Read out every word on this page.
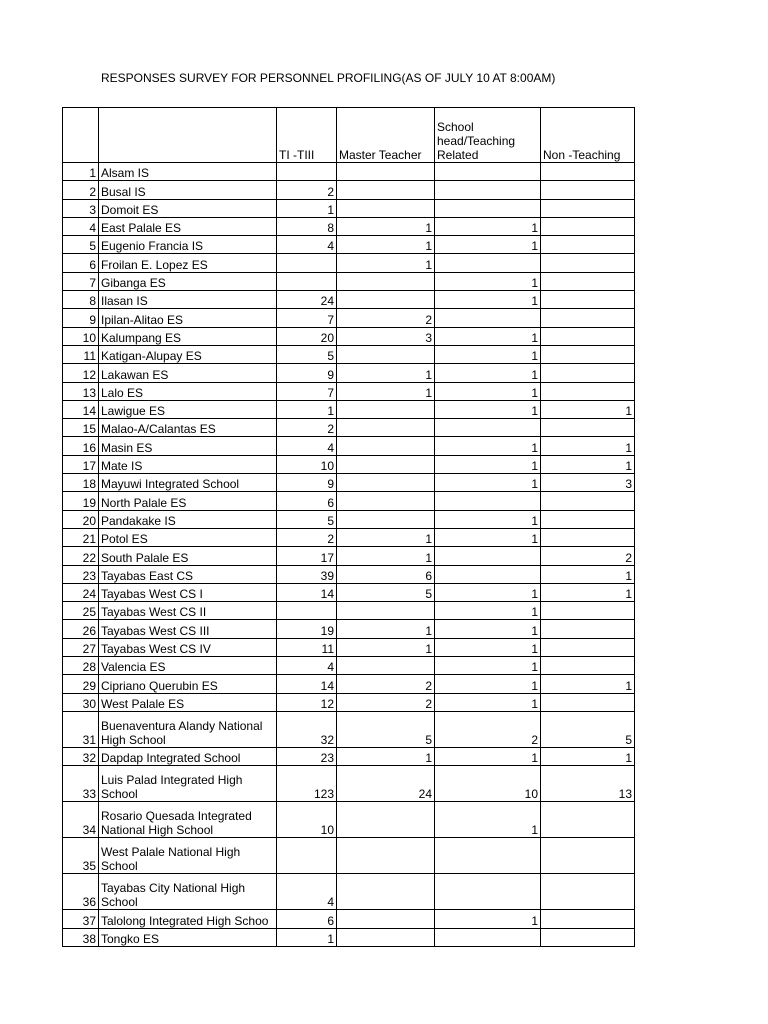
RESPONSES SURVEY FOR PERSONNEL PROFILING(AS OF JULY 10 AT 8:00AM)
		TI -TIII	Master Teacher	School head/Teaching Related	Non -Teaching
1	Alsam IS				
2	Busal IS	2			
3	Domoit ES	1			
4	East Palale ES	8	1	1	
5	Eugenio Francia IS	4	1	1	
6	Froilan E. Lopez ES		1		
7	Gibanga ES			1	
8	Ilasan IS	24		1	
9	Ipilan-Alitao ES	7	2		
10	Kalumpang ES	20	3	1	
11	Katigan-Alupay ES	5		1	
12	Lakawan ES	9	1	1	
13	Lalo ES	7	1	1	
14	Lawigue ES	1		1	1
15	Malao-A/Calantas ES	2			
16	Masin ES	4		1	1
17	Mate IS	10		1	1
18	Mayuwi Integrated School	9		1	3
19	North Palale ES	6			
20	Pandakake IS	5		1	
21	Potol ES	2	1	1	
22	South Palale ES	17	1		2
23	Tayabas East CS	39	6		1
24	Tayabas West CS I	14	5	1	1
25	Tayabas West CS II			1	
26	Tayabas West CS III	19	1	1	
27	Tayabas West CS IV	11	1	1	
28	Valencia ES	4		1	
29	Cipriano Querubin ES	14	2	1	1
30	West Palale ES	12	2	1	
31	Buenaventura Alandy National High School	32	5	2	5
32	Dapdap Integrated School	23	1	1	1
33	Luis Palad Integrated High School	123	24	10	13
34	Rosario Quesada Integrated National High School	10		1	
35	West Palale National High School				
36	Tayabas City National High School	4			
37	Talolong Integrated High Schoo	6		1	
38	Tongko ES	1			
